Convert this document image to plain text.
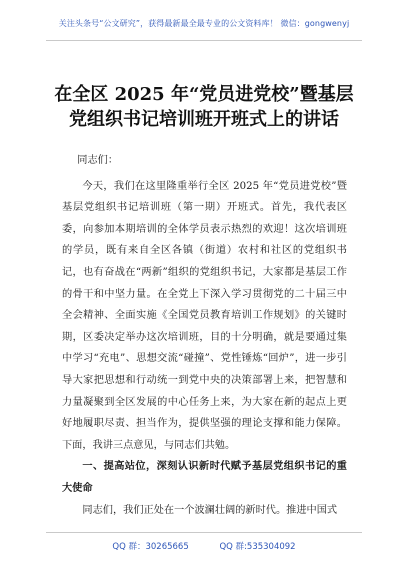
关注头条号“公文研究”，获得最新最全最专业的公文资料库！ 微信：gongwenyj
在全区 2025 年“党员进党校”暨基层
党组织书记培训班开班式上的讲话

同志们：

今天，我们在这里隆重举行全区 2025 年“党员进党校”暨基层党组织书记培训班（第一期）开班式。首先，我代表区委，向参加本期培训的全体学员表示热烈的欢迎！这次培训班的学员，既有来自全区各镇（街道）农村和社区的党组织书记，也有奋战在“两新”组织的党组织书记，大家都是基层工作的骨干和中坚力量。在全党上下深入学习贯彻党的二十届三中全会精神、全面实施《全国党员教育培训工作规划》的关键时期，区委决定举办这次培训班，目的十分明确，就是要通过集中学习“充电”、思想交流“碰撞”、党性锤炼“回炉”，进一步引导大家把思想和行动统一到党中央的决策部署上来，把智慧和力量凝聚到全区发展的中心任务上来，为大家在新的起点上更好地履职尽责、担当作为，提供坚强的理论支撑和能力保障。下面，我讲三点意见，与同志们共勉。

一、提高站位，深刻认识新时代赋予基层党组织书记的重大使命

同志们，我们正处在一个波澜壮阔的新时代。推进中国式

QQ 群：30265665	QQ 群:535304092
